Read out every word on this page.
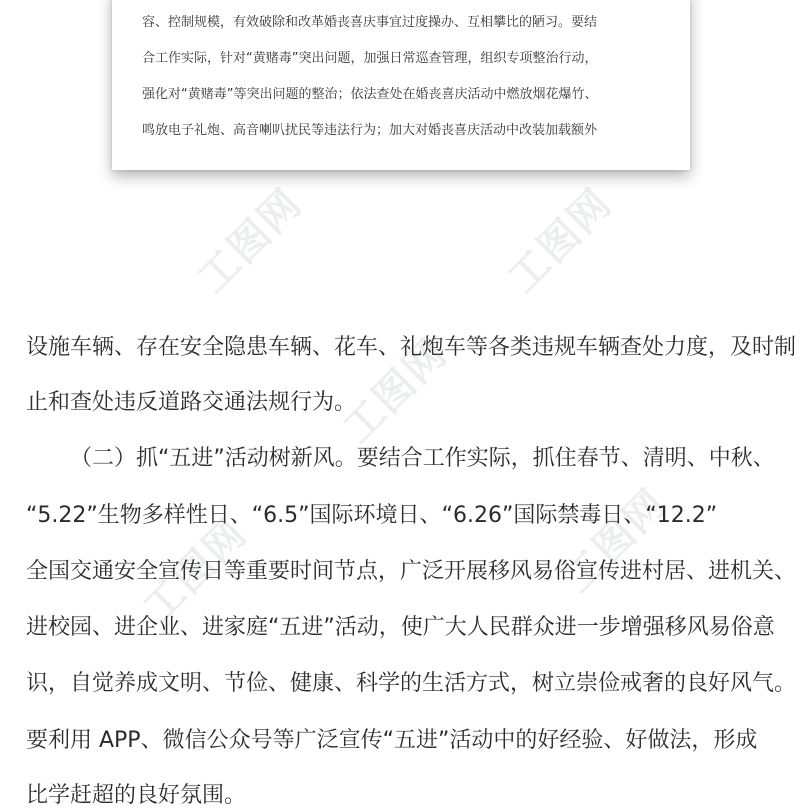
工图网	工图网
工图网
工图网
工图网

容、控制规模，有效破除和改革婚丧喜庆事宜过度操办、互相攀比的陋习。要结

合工作实际，针对“黄赌毒”突出问题，加强日常巡查管理，组织专项整治行动，

强化对“黄赌毒”等突出问题的整治；依法查处在婚丧喜庆活动中燃放烟花爆竹、

鸣放电子礼炮、高音喇叭扰民等违法行为；加大对婚丧喜庆活动中改装加载额外

设施车辆、存在安全隐患车辆、花车、礼炮车等各类违规车辆查处力度，及时制

止和查处违反道路交通法规行为。

（二）抓“五进”活动树新风。要结合工作实际，抓住春节、清明、中秋、

“5.22”生物多样性日、“6.5”国际环境日、“6.26”国际禁毒日、“12.2”

全国交通安全宣传日等重要时间节点，广泛开展移风易俗宣传进村居、进机关、

进校园、进企业、进家庭“五进”活动，使广大人民群众进一步增强移风易俗意

识，自觉养成文明、节俭、健康、科学的生活方式，树立崇俭戒奢的良好风气。

要利用 APP、微信公众号等广泛宣传“五进”活动中的好经验、好做法，形成

比学赶超的良好氛围。
